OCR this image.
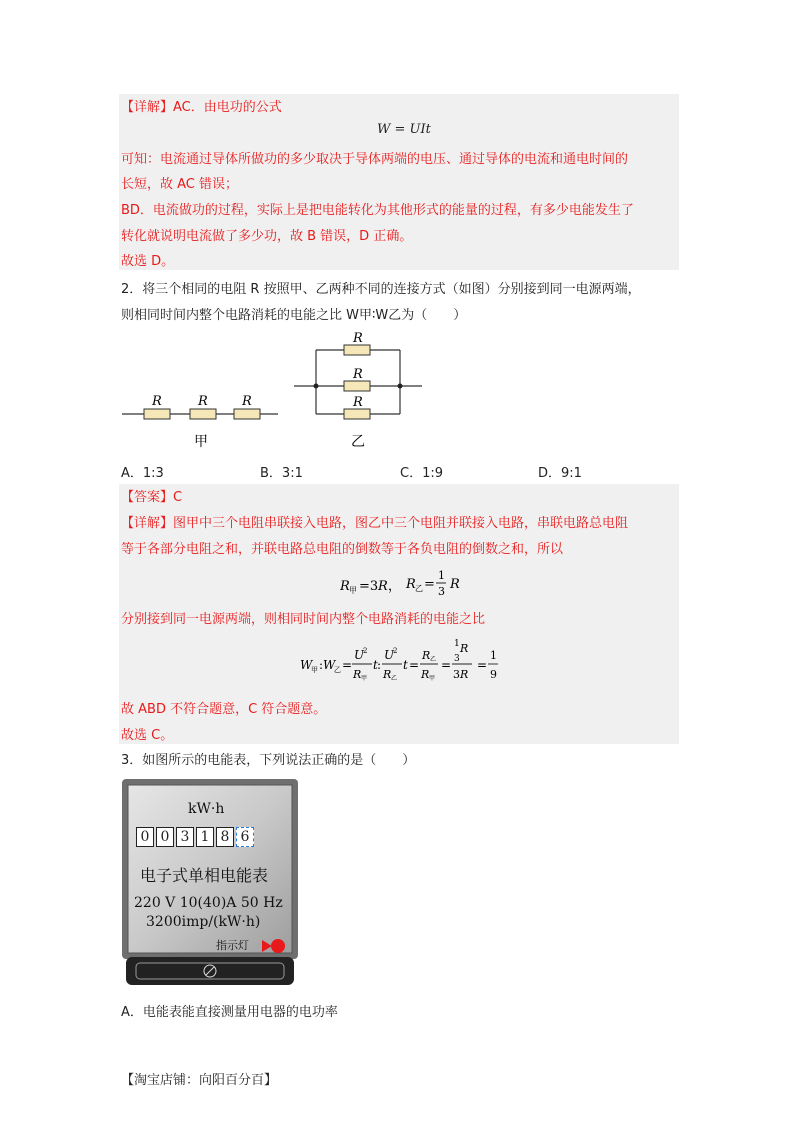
【详解】AC．由电功的公式
W = UIt
可知：电流通过导体所做功的多少取决于导体两端的电压、通过导体的电流和通电时间的
长短，故 AC 错误；
BD．电流做功的过程，实际上是把电能转化为其他形式的能量的过程，有多少电能发生了
转化就说明电流做了多少功，故 B 错误，D 正确。
故选 D。
2．将三个相同的电阻 R 按照甲、乙两种不同的连接方式（如图）分别接到同一电源两端，
则相同时间内整个电路消耗的电能之比 W甲∶W乙为（　　）
R	R	R
甲
R
R
R
乙
A．1:3	B．3:1	C．1:9	D．9:1
【答案】C
【详解】图甲中三个电阻串联接入电路，图乙中三个电阻并联接入电路，串联电路总电阻
等于各部分电阻之和，并联电路总电阻的倒数等于各负电阻的倒数之和，所以
R 甲 =3 R ， R 乙 =
1
3 R
分别接到同一电源两端，则相同时间内整个电路消耗的电能之比
W
甲 : W
乙 =
U
2
R 甲
t :
U
2
R 乙
t =
R 乙
R 甲
=
1 R
3
3 R
=
1
9
故 ABD 不符合题意，C 符合题意。
故选 C。
3．如图所示的电能表，下列说法正确的是（　　）
kW·h
0 0 3 1 8 6
电子式单相电能表
220 V 10(40)A 50 Hz
3200imp/(kW·h)
指示灯
A．电能表能直接测量用电器的电功率
【淘宝店铺：向阳百分百】
